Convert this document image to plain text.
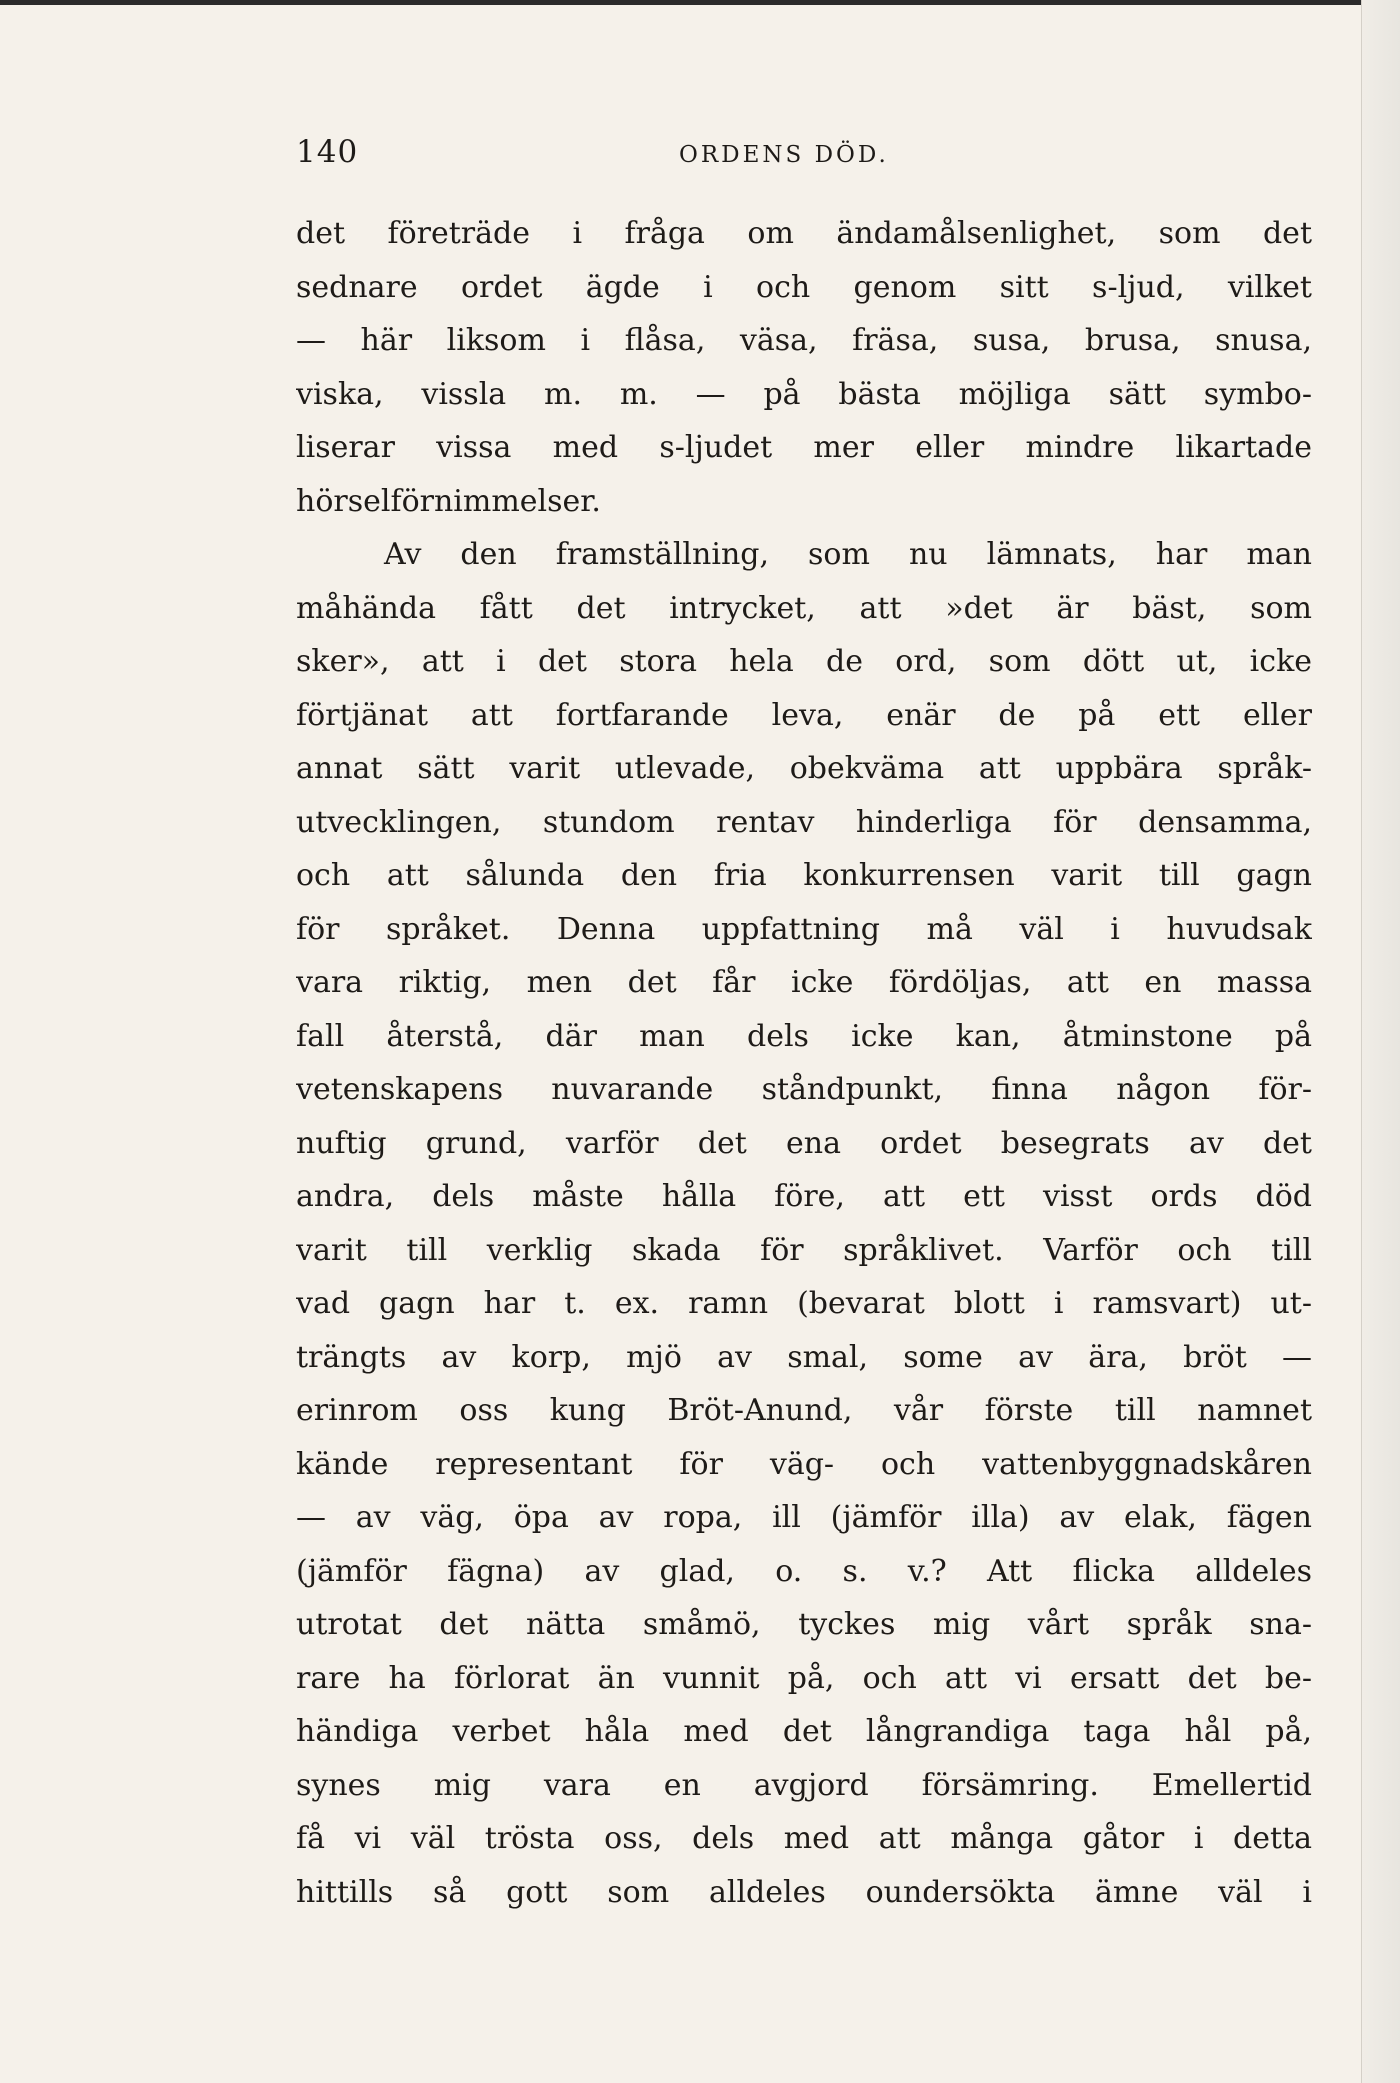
140	ORDENS DÖD.
det företräde i fråga om ändamålsenlighet, som det
sednare ordet ägde i och genom sitt s-ljud, vilket
— här liksom i flåsa, väsa, fräsa, susa, brusa, snusa,
viska, vissla m. m. — på bästa möjliga sätt symbo-
liserar vissa med s-ljudet mer eller mindre likartade
hörselförnimmelser.
Av den framställning, som nu lämnats, har man
måhända fått det intrycket, att »det är bäst, som
sker», att i det stora hela de ord, som dött ut, icke
förtjänat att fortfarande leva, enär de på ett eller
annat sätt varit utlevade, obekväma att uppbära språk-
utvecklingen, stundom rentav hinderliga för densamma,
och att sålunda den fria konkurrensen varit till gagn
för språket. Denna uppfattning må väl i huvudsak
vara riktig, men det får icke fördöljas, att en massa
fall återstå, där man dels icke kan, åtminstone på
vetenskapens nuvarande ståndpunkt, finna någon för-
nuftig grund, varför det ena ordet besegrats av det
andra, dels måste hålla före, att ett visst ords död
varit till verklig skada för språklivet. Varför och till
vad gagn har t. ex. ramn (bevarat blott i ramsvart) ut-
trängts av korp, mjö av smal, some av ära, bröt —
erinrom oss kung Bröt-Anund, vår förste till namnet
kände representant för väg- och vattenbyggnadskåren
— av väg, öpa av ropa, ill (jämför illa) av elak, fägen
(jämför fägna) av glad, o. s. v.? Att flicka alldeles
utrotat det nätta småmö, tyckes mig vårt språk sna-
rare ha förlorat än vunnit på, och att vi ersatt det be-
händiga verbet håla med det långrandiga taga hål på,
synes mig vara en avgjord försämring. Emellertid
få vi väl trösta oss, dels med att många gåtor i detta
hittills så gott som alldeles oundersökta ämne väl i
